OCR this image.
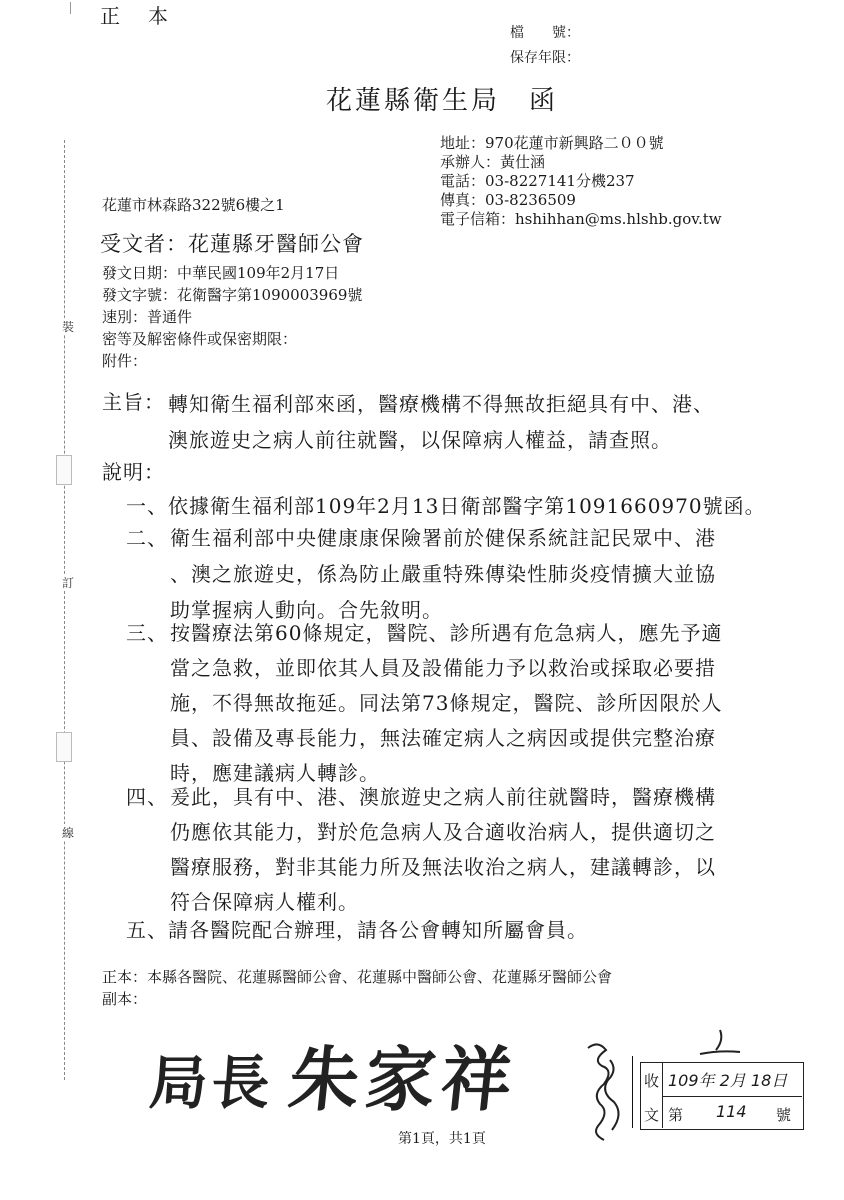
正　本
檔　　號：
保存年限：
花蓮縣衛生局　函
地址：970花蓮市新興路二００號
承辦人：黃仕涵
電話：03-8227141分機237
傳真：03-8236509
電子信箱：hshihhan@ms.hlshb.gov.tw
花蓮市林森路322號6樓之1
受文者：花蓮縣牙醫師公會
發文日期：中華民國109年2月17日
發文字號：花衛醫字第1090003969號
速別：普通件
密等及解密條件或保密期限：
附件：
裝
訂
線
主旨： 轉知衛生福利部來函，醫療機構不得無故拒絕具有中、港、
澳旅遊史之病人前往就醫，以保障病人權益，請查照。
說明：
一、依據衛生福利部109年2月13日衛部醫字第1091660970號函。
二、 衛生福利部中央健康康保險署前於健保系統註記民眾中、港
、澳之旅遊史，係為防止嚴重特殊傳染性肺炎疫情擴大並協
助掌握病人動向。合先敘明。
三、 按醫療法第60條規定，醫院、診所遇有危急病人，應先予適
當之急救，並即依其人員及設備能力予以救治或採取必要措
施，不得無故拖延。同法第73條規定，醫院、診所因限於人
員、設備及專長能力，無法確定病人之病因或提供完整治療
時，應建議病人轉診。
四、 爰此，具有中、港、澳旅遊史之病人前往就醫時，醫療機構
仍應依其能力，對於危急病人及合適收治病人，提供適切之
醫療服務，對非其能力所及無法收治之病人，建議轉診，以
符合保障病人權利。
五、請各醫院配合辦理，請各公會轉知所屬會員。
正本：本縣各醫院、花蓮縣醫師公會、花蓮縣中醫師公會、花蓮縣牙醫師公會
副本：
局長 朱家祥	收
文
109年 2月 18日
第 114 號
第1頁，共1頁
